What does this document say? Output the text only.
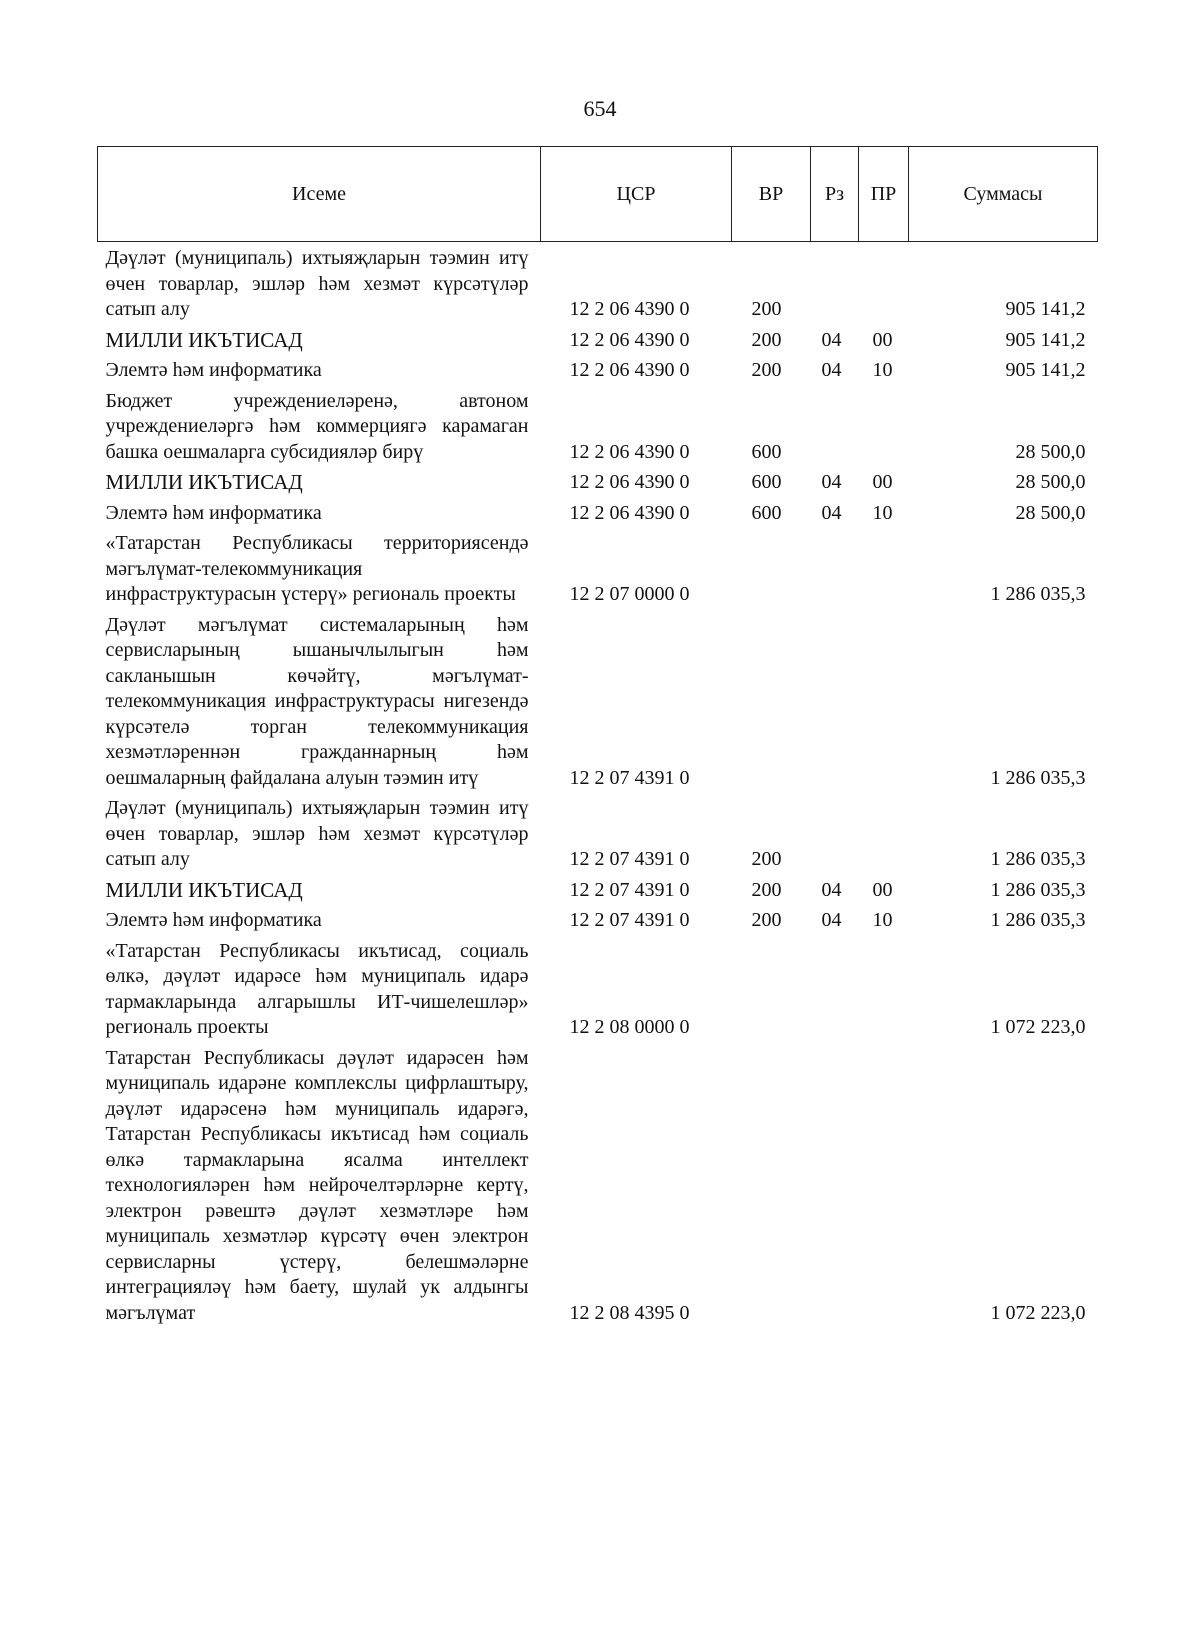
654
Исеме	ЦСР	ВР	Рз	ПР	Суммасы
Дәүләт (муниципаль) ихтыяҗларын тәэмин итү өчен товарлар, эшләр һәм хезмәт күрсәтүләр сатып алу	12 2 06 4390 0	200			905 141,2
МИЛЛИ ИКЪТИСАД	12 2 06 4390 0	200	04	00	905 141,2
Элемтә һәм информатика	12 2 06 4390 0	200	04	10	905 141,2
Бюджет учреждениеләренә, автоном учреждениеләргә һәм коммерциягә карамаган башка оешмаларга субсидияләр бирү	12 2 06 4390 0	600			28 500,0
МИЛЛИ ИКЪТИСАД	12 2 06 4390 0	600	04	00	28 500,0
Элемтә һәм информатика	12 2 06 4390 0	600	04	10	28 500,0
«Татарстан Республикасы территориясендә мәгълүмат-телекоммуникация инфраструктурасын үстерү» региональ проекты	12 2 07 0000 0				1 286 035,3
Дәүләт мәгълүмат системаларының һәм сервисларының ышанычлылыгын һәм сакланышын көчәйтү, мәгълүмат-телекоммуникация инфраструктурасы нигезендә күрсәтелә торган телекоммуникация хезмәтләреннән гражданнарның һәм оешмаларның файдалана алуын тәэмин итү	12 2 07 4391 0				1 286 035,3
Дәүләт (муниципаль) ихтыяҗларын тәэмин итү өчен товарлар, эшләр һәм хезмәт күрсәтүләр сатып алу	12 2 07 4391 0	200			1 286 035,3
МИЛЛИ ИКЪТИСАД	12 2 07 4391 0	200	04	00	1 286 035,3
Элемтә һәм информатика	12 2 07 4391 0	200	04	10	1 286 035,3
«Татарстан Республикасы икътисад, социаль өлкә, дәүләт идарәсе һәм муниципаль идарә тармакларында алгарышлы ИТ-чишелешләр» региональ проекты	12 2 08 0000 0				1 072 223,0
Татарстан Республикасы дәүләт идарәсен һәм муниципаль идарәне комплекслы цифрлаштыру, дәүләт идарәсенә һәм муниципаль идарәгә, Татарстан Республикасы икътисад һәм социаль өлкә тармакларына ясалма интеллект технологияләрен һәм нейрочелтәрләрне кертү, электрон рәвештә дәүләт хезмәтләре һәм муниципаль хезмәтләр күрсәтү өчен электрон сервисларны үстерү, белешмәләрне интеграцияләү һәм баету, шулай ук алдынгы мәгълүмат	12 2 08 4395 0				1 072 223,0
